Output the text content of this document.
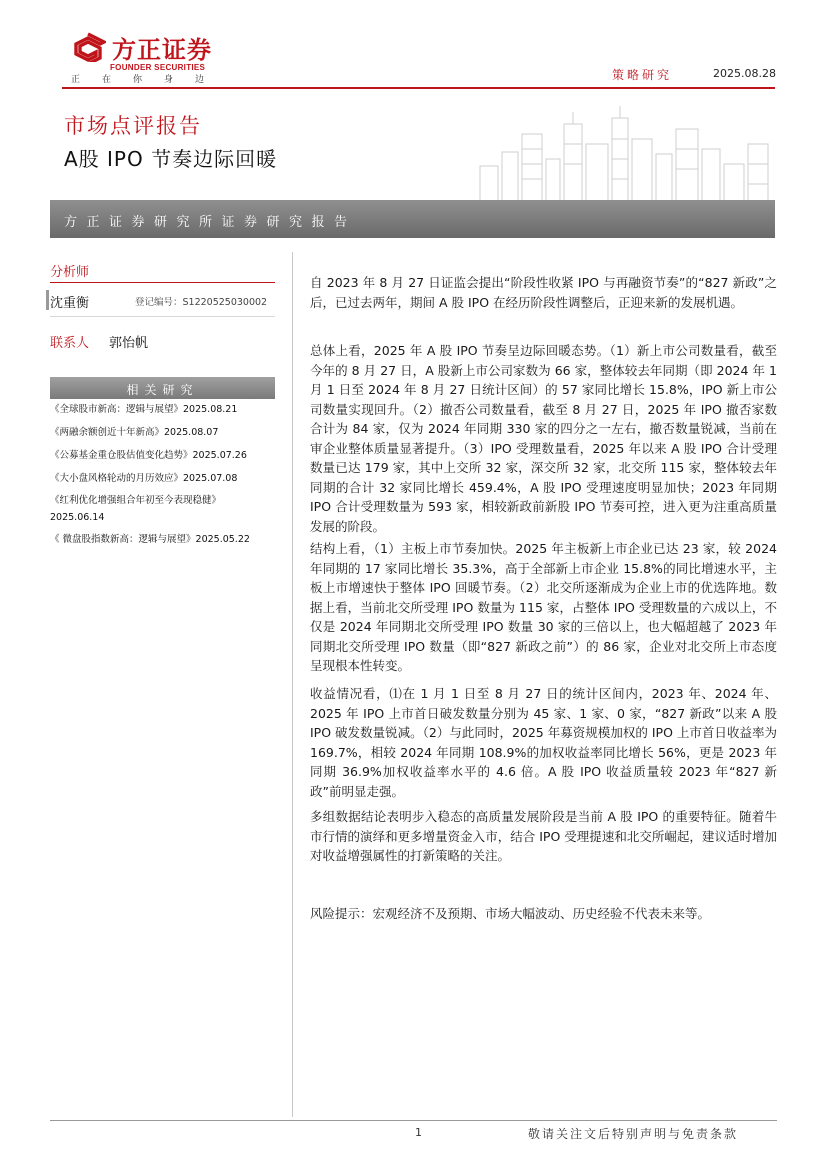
方正证券
FOUNDER SECURITIES
正在你身边	策略研究	2025.08.28
市场点评报告
A股 IPO 节奏边际回暖
方正证券研究所证券研究报告
分析师
沈重衡	登记编号：S1220525030002
联系人 郭怡帆
相关研究
《全球股市新高：逻辑与展望》2025.08.21
《两融余额创近十年新高》2025.08.07
《公募基金重仓股估值变化趋势》2025.07.26
《大小盘风格轮动的月历效应》2025.07.08
《红利优化增强组合年初至今表现稳健》2025.06.14
《 微盘股指数新高：逻辑与展望》2025.05.22
自 2023 年 8 月 27 日证监会提出“阶段性收紧 IPO 与再融资节奏”的“827 新政”之后，已过去两年，期间 A 股 IPO 在经历阶段性调整后，正迎来新的发展机遇。
总体上看，2025 年 A 股 IPO 节奏呈边际回暖态势。（1）新上市公司数量看，截至今年的 8 月 27 日，A 股新上市公司家数为 66 家，整体较去年同期（即 2024 年 1 月 1 日至 2024 年 8 月 27 日统计区间）的 57 家同比增长 15.8%，IPO 新上市公司数量实现回升。（2）撤否公司数量看，截至 8 月 27 日，2025 年 IPO 撤否家数合计为 84 家，仅为 2024 年同期 330 家的四分之一左右，撤否数量锐减，当前在审企业整体质量显著提升。（3）IPO 受理数量看，2025 年以来 A 股 IPO 合计受理数量已达 179 家，其中上交所 32 家，深交所 32 家，北交所 115 家，整体较去年同期的合计 32 家同比增长 459.4%，A 股 IPO 受理速度明显加快；2023 年同期 IPO 合计受理数量为 593 家，相较新政前新股 IPO 节奏可控，进入更为注重高质量发展的阶段。
结构上看，（1）主板上市节奏加快。2025 年主板新上市企业已达 23 家，较 2024 年同期的 17 家同比增长 35.3%，高于全部新上市企业 15.8%的同比增速水平，主板上市增速快于整体 IPO 回暖节奏。（2）北交所逐渐成为企业上市的优选阵地。数据上看，当前北交所受理 IPO 数量为 115 家，占整体 IPO 受理数量的六成以上，不仅是 2024 年同期北交所受理 IPO 数量 30 家的三倍以上，也大幅超越了 2023 年同期北交所受理 IPO 数量（即“827 新政之前”）的 86 家，企业对北交所上市态度呈现根本性转变。
收益情况看，⑴在 1 月 1 日至 8 月 27 日的统计区间内，2023 年、2024 年、2025 年 IPO 上市首日破发数量分别为 45 家、1 家、0 家，“827 新政”以来 A 股 IPO 破发数量锐减。（2）与此同时，2025 年募资规模加权的 IPO 上市首日收益率为 169.7%，相较 2024 年同期 108.9%的加权收益率同比增长 56%，更是 2023 年同期 36.9%加权收益率水平的 4.6 倍。A 股 IPO 收益质量较 2023 年“827 新政”前明显走强。
多组数据结论表明步入稳态的高质量发展阶段是当前 A 股 IPO 的重要特征。随着牛市行情的演绎和更多增量资金入市，结合 IPO 受理提速和北交所崛起，建议适时增加对收益增强属性的打新策略的关注。
风险提示：宏观经济不及预期、市场大幅波动、历史经验不代表未来等。
1	敬请关注文后特别声明与免责条款
